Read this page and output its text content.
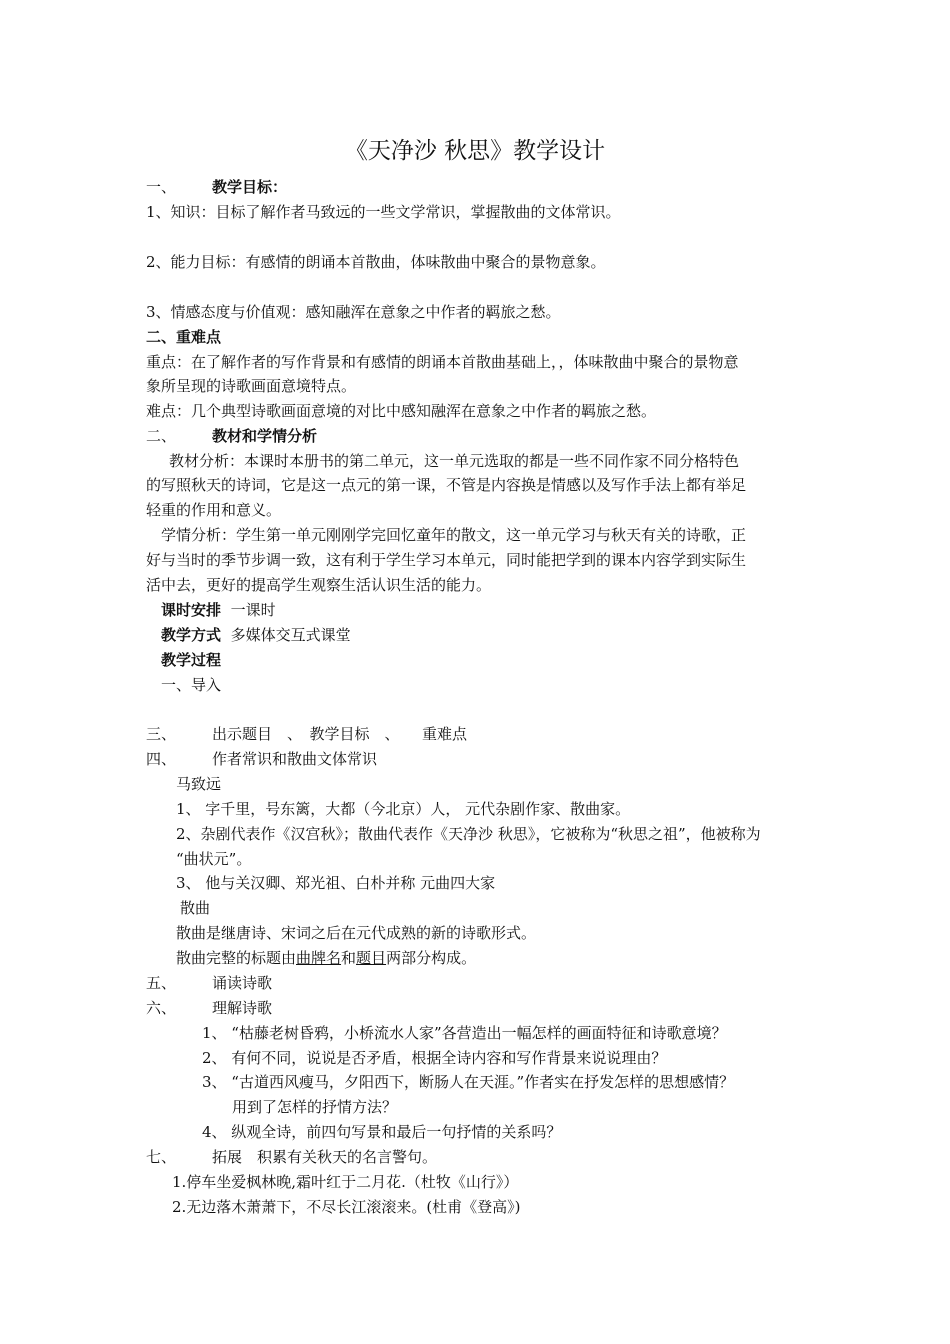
《天净沙 秋思》教学设计
一、 教学目标：
1、知识：目标了解作者马致远的一些文学常识，掌握散曲的文体常识。
2、能力目标：有感情的朗诵本首散曲，体味散曲中聚合的景物意象。
3、情感态度与价值观：感知融浑在意象之中作者的羁旅之愁。
二、重难点
重点：在了解作者的写作背景和有感情的朗诵本首散曲基础上，，体味散曲中聚合的景物意
象所呈现的诗歌画面意境特点。
难点：几个典型诗歌画面意境的对比中感知融浑在意象之中作者的羁旅之愁。
二、 教材和学情分析
教材分析：本课时本册书的第二单元，这一单元选取的都是一些不同作家不同分格特色
的写照秋天的诗词，它是这一点元的第一课，不管是内容换是情感以及写作手法上都有举足
轻重的作用和意义。
学情分析：学生第一单元刚刚学完回忆童年的散文，这一单元学习与秋天有关的诗歌，正
好与当时的季节步调一致，这有利于学生学习本单元，同时能把学到的课本内容学到实际生
活中去，更好的提高学生观察生活认识生活的能力。
课时安排 一课时
教学方式 多媒体交互式课堂
教学过程
一、导入
三、 出示题目　、　教学目标　、　　重难点
四、 作者常识和散曲文体常识
马致远
1、 字千里，号东篱，大都（今北京）人， 元代杂剧作家、散曲家。
2、杂剧代表作《汉宫秋》；散曲代表作《天净沙 秋思》，它被称为“秋思之祖”，他被称为
“曲状元”。
3、 他与关汉卿、郑光祖、白朴并称 元曲四大家
散曲
散曲是继唐诗、宋词之后在元代成熟的新的诗歌形式。
散曲完整的标题由曲牌名和题目两部分构成。
五、 诵读诗歌
六、 理解诗歌
1、 “枯藤老树昏鸦，小桥流水人家”各营造出一幅怎样的画面特征和诗歌意境？
2、 有何不同，说说是否矛盾，根据全诗内容和写作背景来说说理由？
3、 “古道西风瘦马，夕阳西下，断肠人在天涯。”作者实在抒发怎样的思想感情？
用到了怎样的抒情方法？
4、 纵观全诗，前四句写景和最后一句抒情的关系吗？
七、 拓展　积累有关秋天的名言警句。
1.停车坐爱枫林晚,霜叶红于二月花.（杜牧《山行》）
2.无边落木萧萧下，不尽长江滚滚来。(杜甫《登高》)
